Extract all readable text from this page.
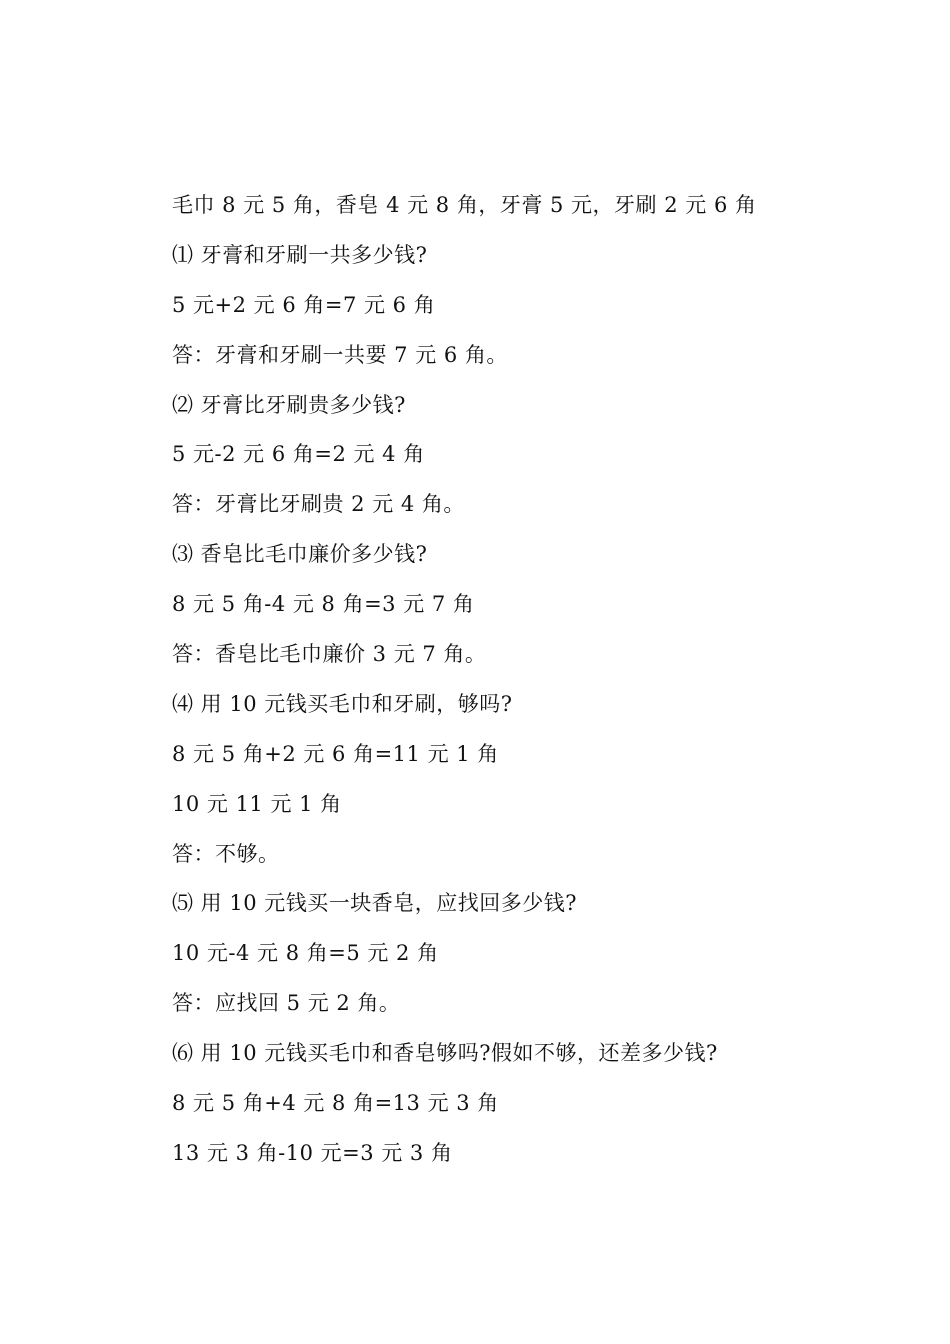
毛巾 8 元 5 角，香皂 4 元 8 角，牙膏 5 元，牙刷 2 元 6 角
⑴ 牙膏和牙刷一共多少钱?
5 元+2 元 6 角=7 元 6 角
答：牙膏和牙刷一共要 7 元 6 角。
⑵ 牙膏比牙刷贵多少钱?
5 元-2 元 6 角=2 元 4 角
答：牙膏比牙刷贵 2 元 4 角。
⑶ 香皂比毛巾廉价多少钱?
8 元 5 角-4 元 8 角=3 元 7 角
答：香皂比毛巾廉价 3 元 7 角。
⑷ 用 10 元钱买毛巾和牙刷，够吗?
8 元 5 角+2 元 6 角=11 元 1 角
10 元 11 元 1 角
答：不够。
⑸ 用 10 元钱买一块香皂，应找回多少钱?
10 元-4 元 8 角=5 元 2 角
答：应找回 5 元 2 角。
⑹ 用 10 元钱买毛巾和香皂够吗?假如不够，还差多少钱?
8 元 5 角+4 元 8 角=13 元 3 角
13 元 3 角-10 元=3 元 3 角
